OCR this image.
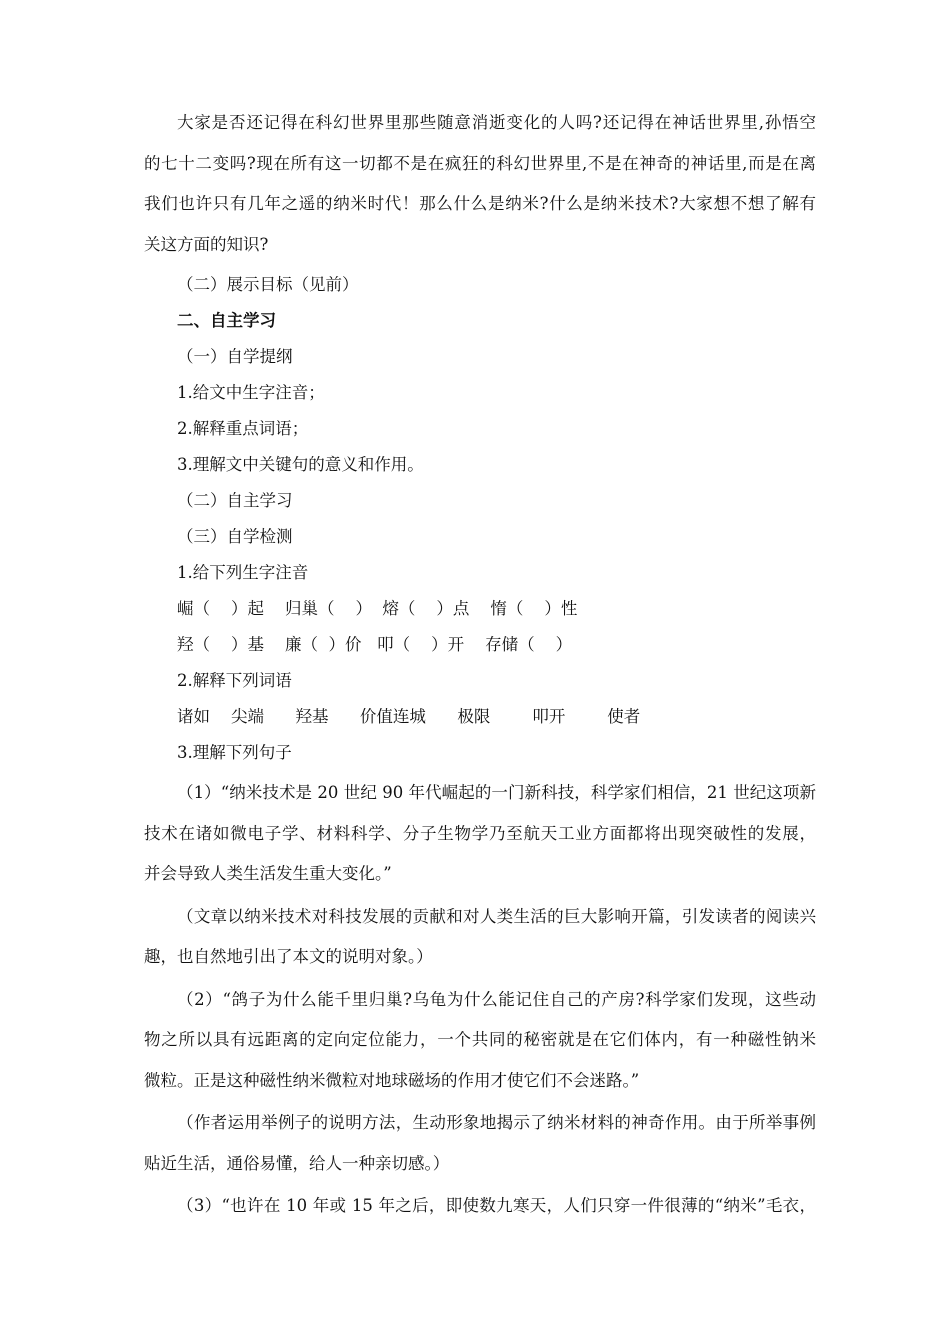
大家是否还记得在科幻世界里那些随意消逝变化的人吗?还记得在神话世界里,孙悟空
的七十二变吗?现在所有这一切都不是在疯狂的科幻世界里,不是在神奇的神话里,而是在离
我们也许只有几年之遥的纳米时代！那么什么是纳米?什么是纳米技术?大家想不想了解有
关这方面的知识?

（二）展示目标（见前）

二、自主学习

（一）自学提纲

1.给文中生字注音；

2.解释重点词语；

3.理解文中关键句的意义和作用。

（二）自主学习

（三）自学检测

1.给下列生字注音

崛（    ）起    归巢（    ）  熔（    ）点    惰（    ）性

羟（    ）基    廉（  ）价   叩（    ）开    存储（    ）

2.解释下列词语

诸如    尖端      羟基      价值连城      极限        叩开        使者

3.理解下列句子

（1）“纳米技术是 20 世纪 90 年代崛起的一门新科技，科学家们相信，21 世纪这项新
技术在诸如微电子学、材料科学、分子生物学乃至航天工业方面都将出现突破性的发展，
并会导致人类生活发生重大变化。”
（文章以纳米技术对科技发展的贡献和对人类生活的巨大影响开篇，引发读者的阅读兴
趣，也自然地引出了本文的说明对象。）
（2）“鸽子为什么能千里归巢?乌龟为什么能记住自己的产房?科学家们发现，这些动
物之所以具有远距离的定向定位能力，一个共同的秘密就是在它们体内，有一种磁性钠米
微粒。正是这种磁性纳米微粒对地球磁场的作用才使它们不会迷路。”
（作者运用举例子的说明方法，生动形象地揭示了纳米材料的神奇作用。由于所举事例
贴近生活，通俗易懂，给人一种亲切感。）
（3）“也许在 10 年或 15 年之后，即使数九寒天，人们只穿一件很薄的“纳米”毛衣，
